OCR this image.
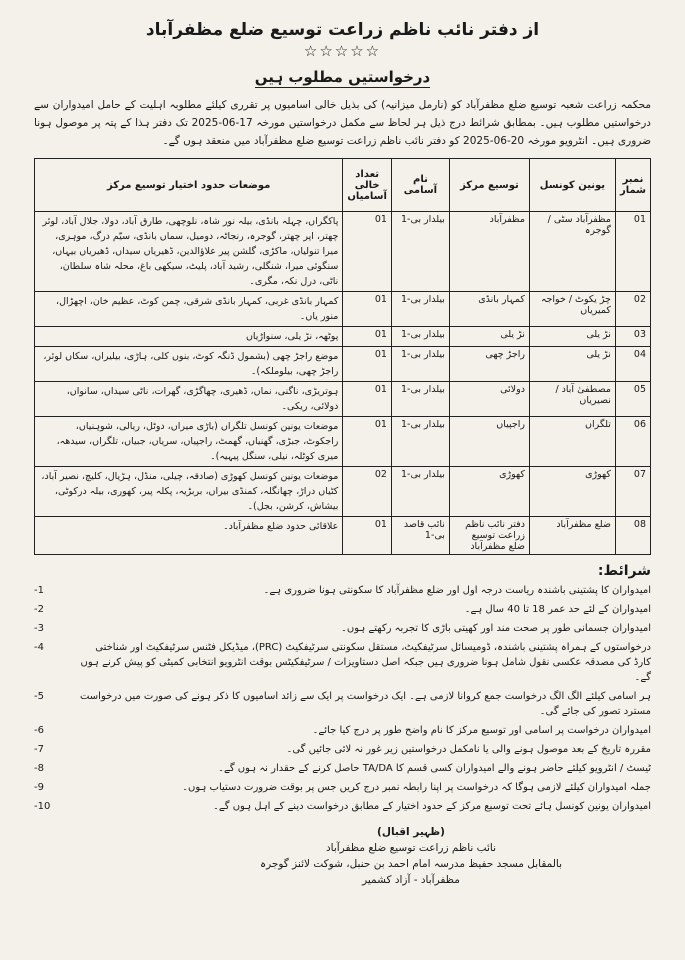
از دفتر نائب ناظم زراعت توسیع ضلع مظفرآباد
☆☆☆☆☆
درخواستیں مطلوب ہیں
محکمہ زراعت شعبہ توسیع ضلع مظفرآباد کو (نارمل میزانیہ) کی بذیل خالی اسامیوں پر تقرری کیلئے مطلوبہ اہلیت کے حامل امیدواران سے درخواستیں مطلوب ہیں۔ بمطابق شرائط درج ذیل ہر لحاظ سے مکمل درخواستیں مورخہ 17-06-2025 تک دفتر ہذا کے پتہ پر موصول ہونا ضروری ہیں۔ انٹرویو مورخہ 20-06-2025 کو دفتر نائب ناظم زراعت توسیع ضلع مظفرآباد میں منعقد ہوں گے۔
نمبر شمار	یونین کونسل	توسیع مرکز	نام آسامی	تعداد خالی آسامیاں	موضعات حدود اختیار توسیع مرکز
01	مظفرآباد سٹی / گوجرہ	مظفرآباد	بیلدار بی-1	01	پاکگراں، چہلہ بانڈی، بیلہ نور شاہ، نلوچھی، طارق آباد، دولا، جلال آباد، لوئر چھتر، اپر چھتر، گوجرہ، رنجاٹہ، دومیل، سماں بانڈی، سیّم درگ، موہری، میرا تنولیاں، ماکڑی، گلشن پیر علاؤالدین، ڈھیریاں سیداں، ڈھیریاں بیہاں، سنگوئی میرا، شنگلی، رشید آباد، پلیٹ، سیکھی باغ، محلہ شاہ سلطان، ناٹی، درل نکہ، مگری۔
02	چڑ یکوٹ / خواجہ کمیریاں	کمہار بانڈی	بیلدار بی-1	01	کمہار بانڈی غربی، کمہار بانڈی شرقی، چمن کوٹ، عظیم خان، اچھڑال، منور یاں۔
03	نڑ یلی	نڑ یلی	بیلدار بی-1	01	پوٹھہ، نڑ یلی، سنواڑیاں
04	نڑ یلی	راجڑ چھی	بیلدار بی-1	01	موضع راجڑ چھی (بشمول ڈنگہ کوٹ، بنوں کلی، ہاڑی، بیلیراں، سکاں لوئر، راجڑ چھی، بیلوملکہ)۔
05	مصطفیٰ آباد / نصیریاں	دولائی	بیلدار بی-1	01	ہوتریڑی، ناگنی، نماں، ڈھیری، چھاگڑی، گھرات، ناٹی سیداں، سانواں، دولائی، ریکی۔
06	تلگراں	راجپیاں	بیلدار بی-1	01	موضعات یونین کونسل تلگراں (باڑی میراں، دوٹل، ریالی، شوہنیاں، راجکوٹ، جبڑی، گھنیاں، گھمٹ، راجپیاں، سریاں، جبیاں، تلگراں، سیدھہ، میری کوٹلہ، نیلی، سنگل پیہیہ)۔
07	کھوڑی	کھوڑی	بیلدار بی-1	02	موضعات یونین کونسل کھوڑی (صادقہ، چیلی، منڈل، ہڑیال، کلیچ، نصیر آباد، کٹیاں دراڑ، چھانگلہ، کمنڈی بیراں، بربڑیہ، پکلہ پیر، کھوری، بیلہ درکوٹی، بیشاش، کرشن، بجل)۔
08	ضلع مظفرآباد	دفتر نائب ناظم زراعت توسیع ضلع مظفرآباد	نائب قاصد بی-1	01	علاقائی حدود ضلع مظفرآباد۔
شرائط:
-1	امیدواران کا پشتینی باشندہ ریاست درجہ اول اور ضلع مظفرآباد کا سکونتی ہونا ضروری ہے۔
-2	امیدواران کے لئے حد عمر 18 تا 40 سال ہے۔
-3	امیدواران جسمانی طور پر صحت مند اور کھیتی باڑی کا تجربہ رکھتے ہوں۔
-4	درخواستوں کے ہمراہ پشتینی باشندہ، ڈومیسائل سرٹیفکیٹ، مستقل سکونتی سرٹیفکیٹ (PRC)، میڈیکل فٹنس سرٹیفکیٹ اور شناختی کارڈ کی مصدقہ عکسی نقول شامل ہونا ضروری ہیں جبکہ اصل دستاویزات / سرٹیفکیٹس بوقت انٹرویو انتخابی کمیٹی کو پیش کرنے ہوں گے۔
-5	ہر اسامی کیلئے الگ الگ درخواست جمع کروانا لازمی ہے۔ ایک درخواست پر ایک سے زائد اسامیوں کا ذکر ہونے کی صورت میں درخواست مسترد تصور کی جائے گی۔
-6	امیدواران درخواست پر اسامی اور توسیع مرکز کا نام واضح طور پر درج کیا جائے۔
-7	مقررہ تاریخ کے بعد موصول ہونے والی یا نامکمل درخواستیں زیر غور نہ لائی جائیں گی۔
-8	ٹیسٹ / انٹرویو کیلئے حاضر ہونے والے امیدواران کسی قسم کا TA/DA حاصل کرنے کے حقدار نہ ہوں گے۔
-9	جملہ امیدواران کیلئے لازمی ہوگا کہ درخواست پر اپنا رابطہ نمبر درج کریں جس پر بوقت ضرورت دستیاب ہوں۔
-10	امیدواران یونین کونسل ہائے تحت توسیع مرکز کے حدود اختیار کے مطابق درخواست دینے کے اہل ہوں گے۔
(ظہیر اقبال)
نائب ناظم زراعت توسیع ضلع مظفرآباد
بالمقابل مسجد حفیظ مدرسہ امام احمد بن حنبل، شوکت لائنز گوجرہ مظفرآباد - آزاد کشمیر
